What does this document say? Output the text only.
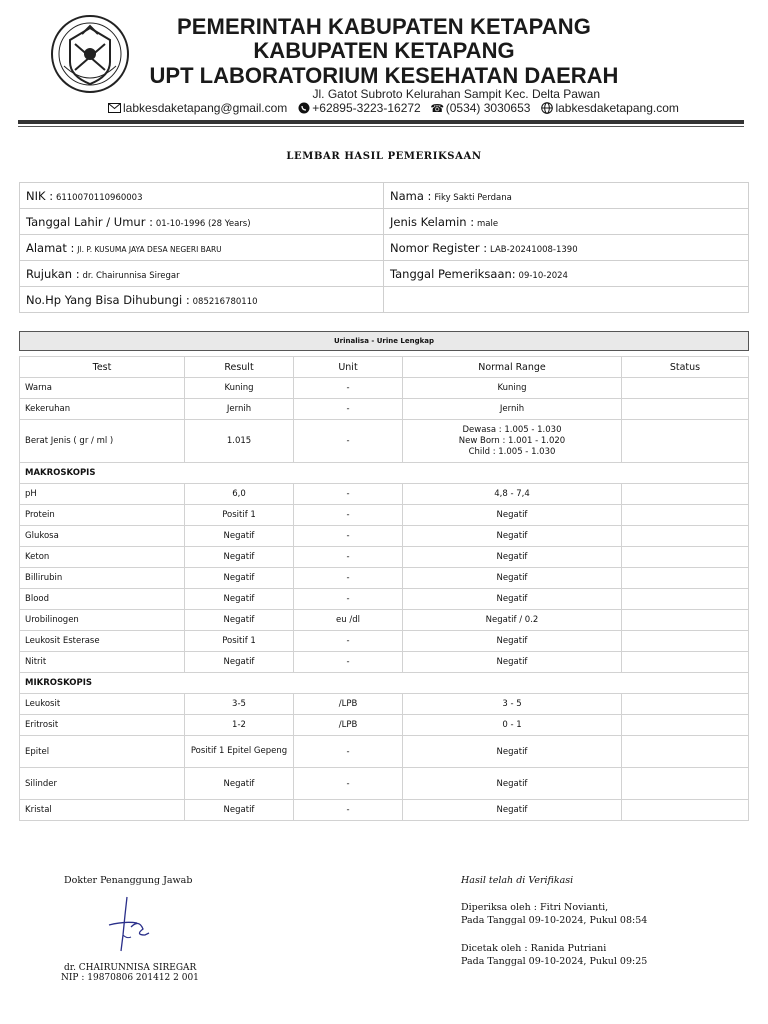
PEMERINTAH KABUPATEN KETAPANG
KABUPATEN KETAPANG
UPT LABORATORIUM KESEHATAN DAERAH
Jl. Gatot Subroto Kelurahan Sampit Kec. Delta Pawan
labkesdaketapang@gmail.com +62895-3223-16272 ☎ (0534) 3030653 labkesdaketapang.com
LEMBAR HASIL PEMERIKSAAN
NIK : 6110070110960003	Nama : Fiky Sakti Perdana
Tanggal Lahir / Umur : 01-10-1996 (28 Years)	Jenis Kelamin : male
Alamat : Jl. P. KUSUMA JAYA DESA NEGERI BARU	Nomor Register : LAB-20241008-1390
Rujukan : dr. Chairunnisa Siregar	Tanggal Pemeriksaan: 09-10-2024
No.Hp Yang Bisa Dihubungi : 085216780110	
Urinalisa - Urine Lengkap
Test	Result	Unit	Normal Range	Status
Warna	Kuning	-	Kuning	
Kekeruhan	Jernih	-	Jernih	
Berat Jenis ( gr / ml )	1.015	-	Dewasa : 1.005 - 1.030
New Born : 1.001 - 1.020
Child : 1.005 - 1.030	

MAKROSKOPIS				
pH	6,0	-	4,8 - 7,4	
Protein	Positif 1	-	Negatif	
Glukosa	Negatif	-	Negatif	
Keton	Negatif	-	Negatif	
Billirubin	Negatif	-	Negatif	
Blood	Negatif	-	Negatif	
Urobilinogen	Negatif	eu /dl	Negatif / 0.2	
Leukosit Esterase	Positif 1	-	Negatif	
Nitrit	Negatif	-	Negatif	
MIKROSKOPIS				
Leukosit	3-5	/LPB	3 - 5	
Eritrosit	1-2	/LPB	0 - 1	
Epitel	Positif 1 Epitel Gepeng	-	Negatif	
Silinder	Negatif	-	Negatif	
Kristal	Negatif	-	Negatif	
Dokter Penanggung Jawab
dr. CHAIRUNNISA SIREGAR
NIP : 19870806 201412 2 001
Hasil telah di Verifikasi
Diperiksa oleh : Fitri Novianti,
Pada Tanggal 09-10-2024, Pukul 08:54
Dicetak oleh : Ranida Putriani
Pada Tanggal 09-10-2024, Pukul 09:25
